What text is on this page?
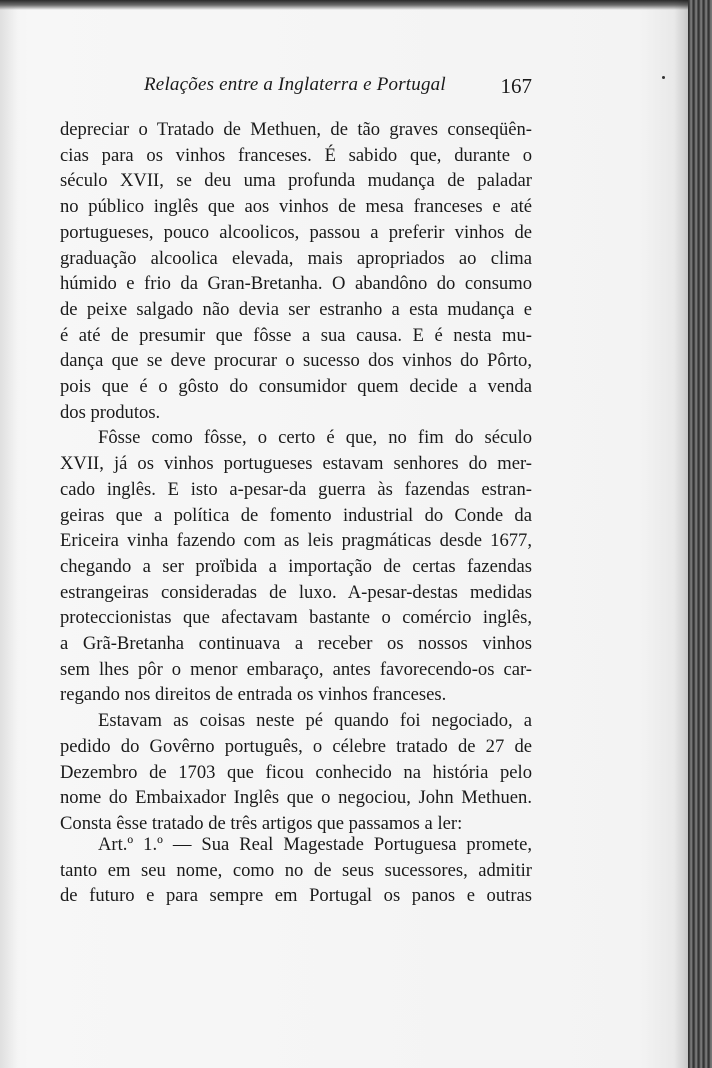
Relações entre a Inglaterra e Portugal	167

depreciar o Tratado de Methuen, de tão graves conseqüên-

cias para os vinhos franceses. É sabido que, durante o

século XVII, se deu uma profunda mudança de paladar

no público inglês que aos vinhos de mesa franceses e até

portugueses, pouco alcoolicos, passou a preferir vinhos de

graduação alcoolica elevada, mais apropriados ao clima

húmido e frio da Gran-Bretanha. O abandôno do consumo

de peixe salgado não devia ser estranho a esta mudança e

é até de presumir que fôsse a sua causa. E é nesta mu-

dança que se deve procurar o sucesso dos vinhos do Pôrto,

pois que é o gôsto do consumidor quem decide a venda

dos produtos.

Fôsse como fôsse, o certo é que, no fim do século

XVII, já os vinhos portugueses estavam senhores do mer-

cado inglês. E isto a-pesar-da guerra às fazendas estran-

geiras que a política de fomento industrial do Conde da

Ericeira vinha fazendo com as leis pragmáticas desde 1677,

chegando a ser proïbida a importação de certas fazendas

estrangeiras consideradas de luxo. A-pesar-destas medidas

proteccionistas que afectavam bastante o comércio inglês,

a Grã-Bretanha continuava a receber os nossos vinhos

sem lhes pôr o menor embaraço, antes favorecendo-os car-

regando nos direitos de entrada os vinhos franceses.

Estavam as coisas neste pé quando foi negociado, a

pedido do Govêrno português, o célebre tratado de 27 de

Dezembro de 1703 que ficou conhecido na história pelo

nome do Embaixador Inglês que o negociou, John Methuen.

Consta êsse tratado de três artigos que passamos a ler:

Art.º 1.º — Sua Real Magestade Portuguesa promete,

tanto em seu nome, como no de seus sucessores, admitir

de futuro e para sempre em Portugal os panos e outras
